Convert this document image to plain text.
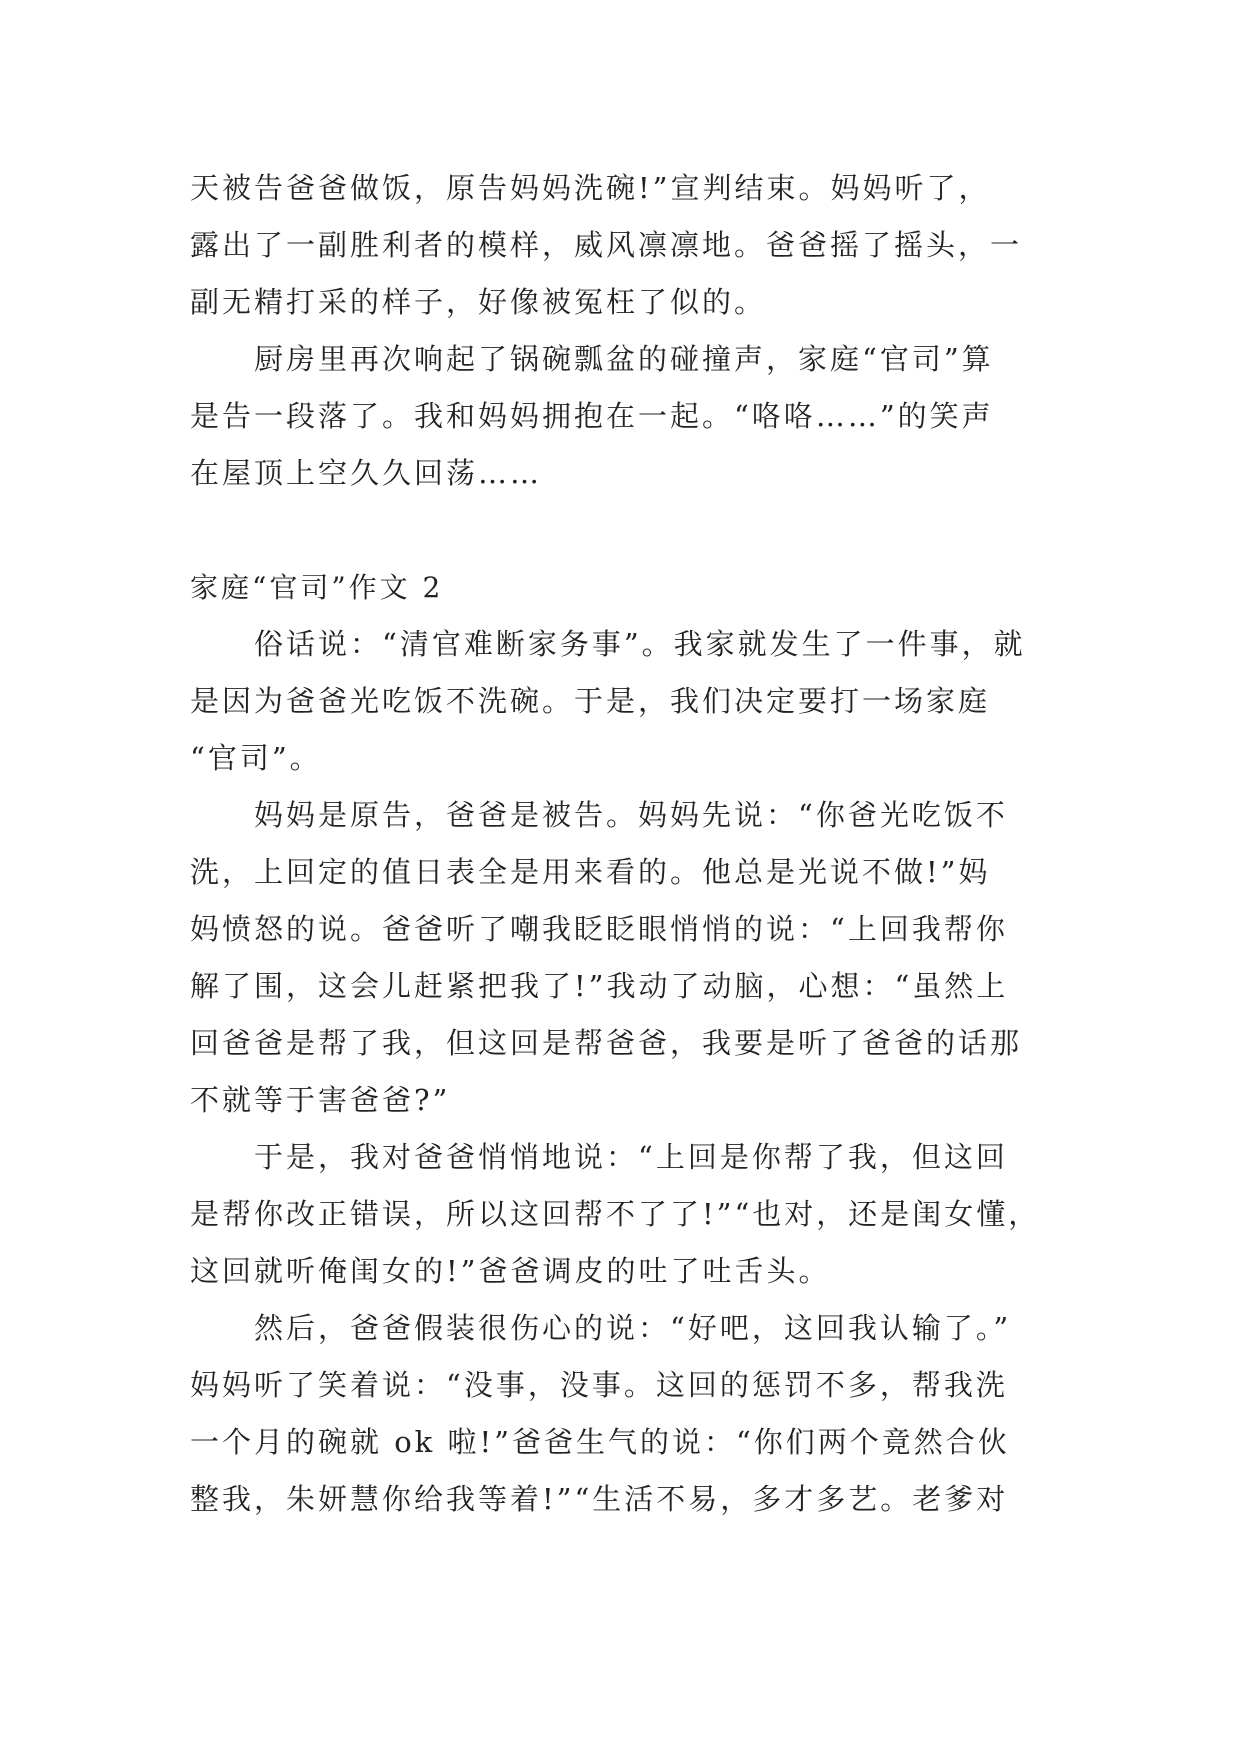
天被告爸爸做饭，原告妈妈洗碗!”宣判结束。妈妈听了，
露出了一副胜利者的模样，威风凛凛地。爸爸摇了摇头，一
副无精打采的样子，好像被冤枉了似的。
厨房里再次响起了锅碗瓢盆的碰撞声，家庭“官司”算
是告一段落了。我和妈妈拥抱在一起。“咯咯……”的笑声
在屋顶上空久久回荡……
家庭“官司”作文 2
俗话说：“清官难断家务事”。我家就发生了一件事，就
是因为爸爸光吃饭不洗碗。于是，我们决定要打一场家庭
“官司”。
妈妈是原告，爸爸是被告。妈妈先说：“你爸光吃饭不
洗，上回定的值日表全是用来看的。他总是光说不做!”妈
妈愤怒的说。爸爸听了嘲我眨眨眼悄悄的说：“上回我帮你
解了围，这会儿赶紧把我了!”我动了动脑，心想：“虽然上
回爸爸是帮了我，但这回是帮爸爸，我要是听了爸爸的话那
不就等于害爸爸?”
于是，我对爸爸悄悄地说：“上回是你帮了我，但这回
是帮你改正错误，所以这回帮不了了!”“也对，还是闺女懂，
这回就听俺闺女的!”爸爸调皮的吐了吐舌头。
然后，爸爸假装很伤心的说：“好吧，这回我认输了。”
妈妈听了笑着说：“没事，没事。这回的惩罚不多，帮我洗
一个月的碗就 ok 啦!”爸爸生气的说：“你们两个竟然合伙
整我，朱妍慧你给我等着!”“生活不易，多才多艺。老爹对
